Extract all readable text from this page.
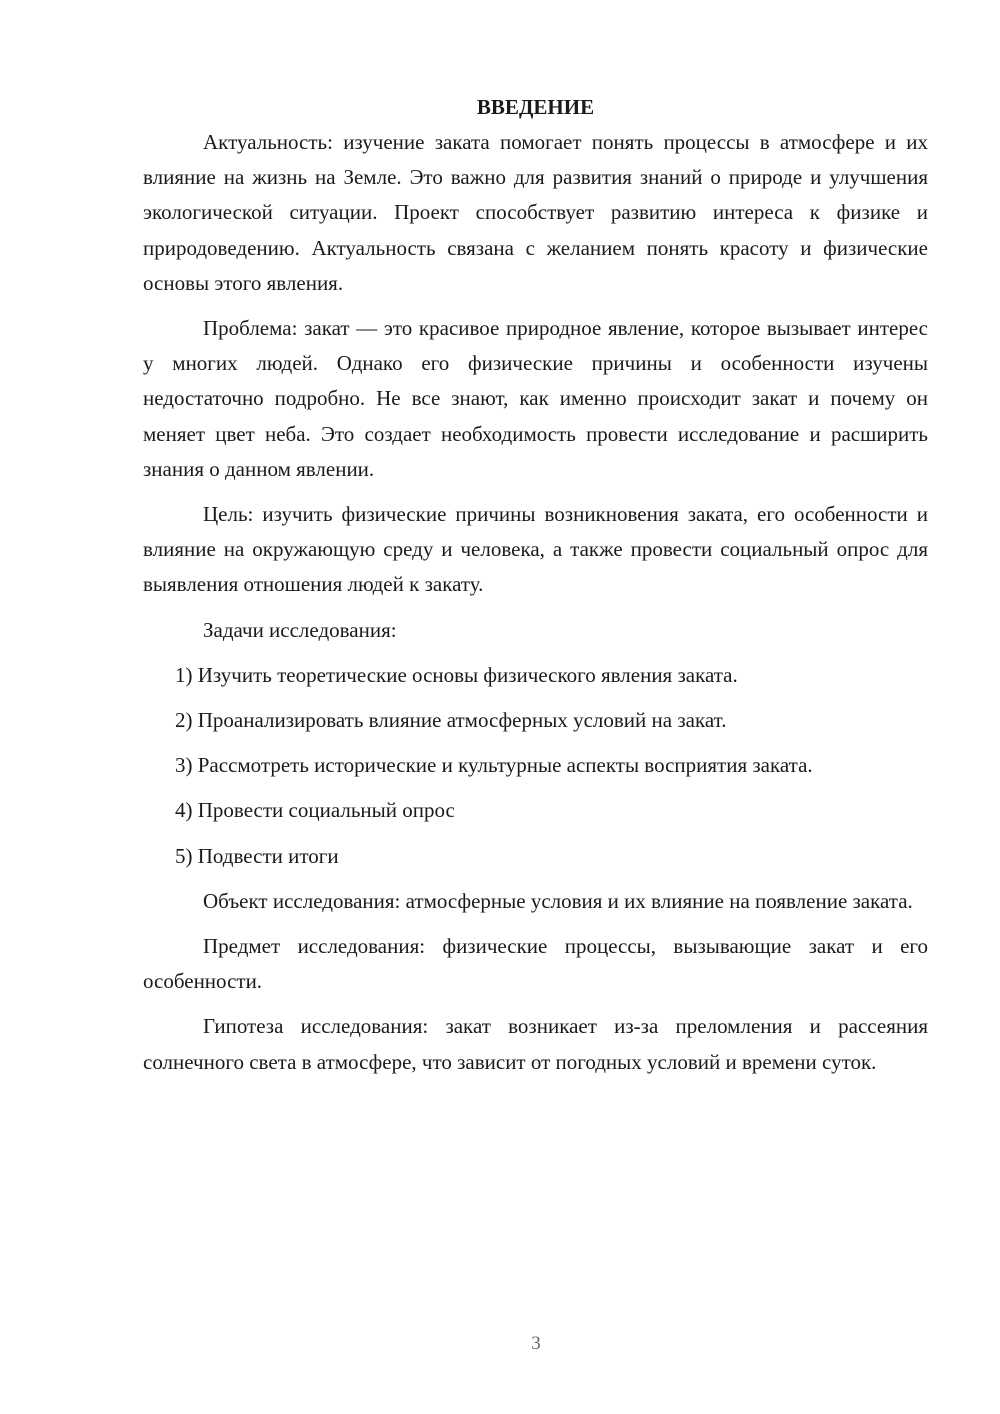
ВВЕДЕНИЕ

Актуальность: изучение заката помогает понять процессы в атмосфере и их влияние на жизнь на Земле. Это важно для развития знаний о природе и улучшения экологической ситуации. Проект способствует развитию интереса к физике и природоведению. Актуальность связана с желанием понять красоту и физические основы этого явления.

Проблема: закат — это красивое природное явление, которое вызывает интерес у многих людей. Однако его физические причины и особенности изучены недостаточно подробно. Не все знают, как именно происходит закат и почему он меняет цвет неба. Это создает необходимость провести исследование и расширить знания о данном явлении.

Цель: изучить физические причины возникновения заката, его особенности и влияние на окружающую среду и человека, а также провести социальный опрос для выявления отношения людей к закату.

Задачи исследования:

1) Изучить теоретические основы физического явления заката.

2) Проанализировать влияние атмосферных условий на закат.

3) Рассмотреть исторические и культурные аспекты восприятия заката.

4) Провести социальный опрос

5) Подвести итоги

Объект исследования: атмосферные условия и их влияние на появление заката.

Предмет исследования: физические процессы, вызывающие закат и его особенности.

Гипотеза исследования: закат возникает из-за преломления и рассеяния солнечного света в атмосфере, что зависит от погодных условий и времени суток.

3
